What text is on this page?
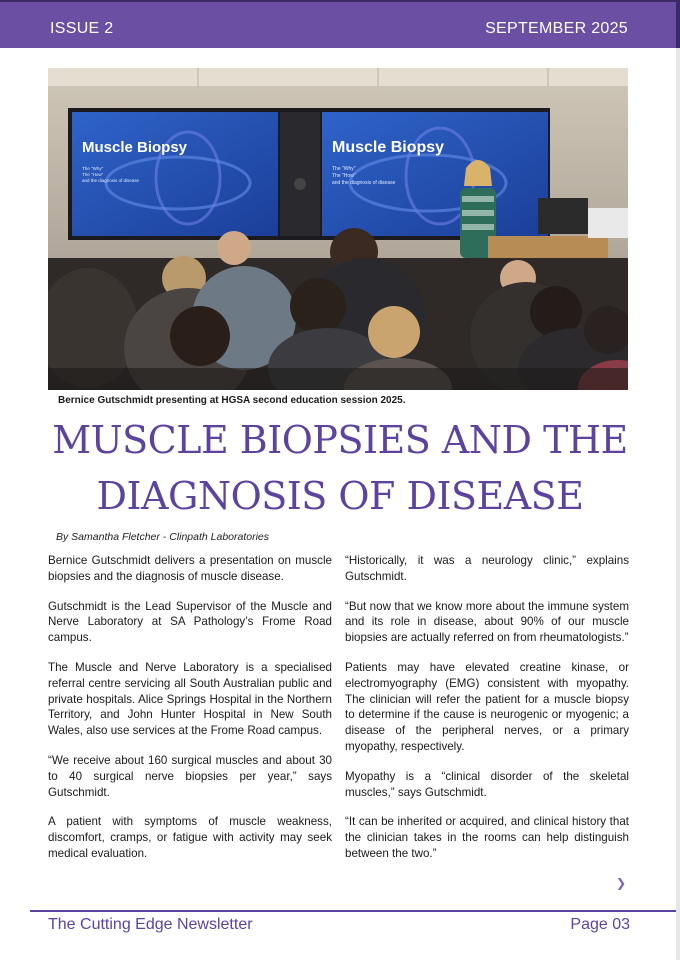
ISSUE 2	SEPTEMBER 2025
Muscle Biopsy
The "Why"
The "How"
and the diagnosis of disease
Muscle Biopsy
The "Why"
The "How"
and the diagnosis of disease
Bernice Gutschmidt presenting at HGSA second education session 2025.
MUSCLE BIOPSIES AND THE
DIAGNOSIS OF DISEASE
By Samantha Fletcher - Clinpath Laboratories

Bernice Gutschmidt delivers a presentation on muscle biopsies and the diagnosis of muscle disease.

Gutschmidt is the Lead Supervisor of the Muscle and Nerve Laboratory at SA Pathology’s Frome Road campus.

The Muscle and Nerve Laboratory is a specialised referral centre servicing all South Australian public and private hospitals. Alice Springs Hospital in the Northern Territory, and John Hunter Hospital in New South Wales, also use services at the Frome Road campus.

“We receive about 160 surgical muscles and about 30 to 40 surgical nerve biopsies per year,” says Gutschmidt.

A patient with symptoms of muscle weakness, discomfort, cramps, or fatigue with activity may seek medical evaluation.

“Historically, it was a neurology clinic,” explains Gutschmidt.

“But now that we know more about the immune system and its role in disease, about 90% of our muscle biopsies are actually referred on from rheumatologists.”

Patients may have elevated creatine kinase, or electromyography (EMG) consistent with myopathy. The clinician will refer the patient for a muscle biopsy to determine if the cause is neurogenic or myogenic; a disease of the peripheral nerves, or a primary myopathy, respectively.

Myopathy is a “clinical disorder of the skeletal muscles,” says Gutschmidt.

“It can be inherited or acquired, and clinical history that the clinician takes in the rooms can help distinguish between the two.”

❯
The Cutting Edge Newsletter	Page 03
